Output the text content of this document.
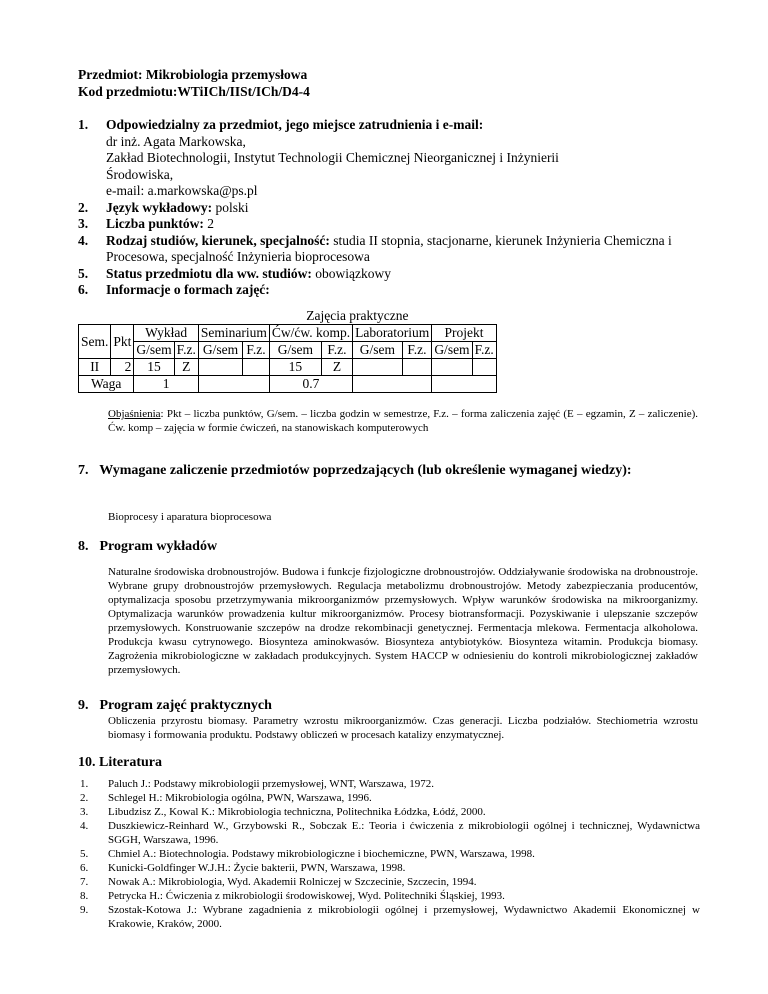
Przedmiot: Mikrobiologia przemysłowa
Kod przedmiotu:WTiICh/IISt/ICh/D4-4
1. Odpowiedzialny za przedmiot, jego miejsce zatrudnienia i e-mail:
dr inż. Agata Markowska,
Zakład Biotechnologii, Instytut Technologii Chemicznej Nieorganicznej i Inżynierii
Środowiska,
e-mail: a.markowska@ps.pl
2. Język wykładowy: polski
3. Liczba punktów: 2
4. Rodzaj studiów, kierunek, specjalność: studia II stopnia, stacjonarne, kierunek Inżynieria Chemiczna i Procesowa, specjalność Inżynieria bioprocesowa
5. Status przedmiotu dla ww. studiów: obowiązkowy
6. Informacje o formach zajęć:
					Zajęcia praktyczne						
Sem.	Pkt	Wykład		Seminarium		Ćw/ćw. komp.		Laboratorium		Projekt	
		G/sem	F.z.	G/sem	F.z.	G/sem	F.z.	G/sem	F.z.	G/sem	F.z.
II	2	15	Z			15	Z				
Waga		1				0.7					
Objaśnienia: Pkt – liczba punktów, G/sem. – liczba godzin w semestrze, F.z. – forma zaliczenia zajęć (E – egzamin, Z – zaliczenie). Ćw. komp – zajęcia w formie ćwiczeń, na stanowiskach komputerowych
7. Wymagane zaliczenie przedmiotów poprzedzających (lub określenie wymaganej wiedzy):
Bioprocesy i aparatura bioprocesowa
8. Program wykładów
Naturalne środowiska drobnoustrojów. Budowa i funkcje fizjologiczne drobnoustrojów. Oddziaływanie środowiska na drobnoustroje. Wybrane grupy drobnoustrojów przemysłowych. Regulacja metabolizmu drobnoustrojów. Metody zabezpieczania producentów, optymalizacja sposobu przetrzymywania mikroorganizmów przemysłowych. Wpływ warunków środowiska na mikroorganizmy. Optymalizacja warunków prowadzenia kultur mikroorganizmów. Procesy biotransformacji. Pozyskiwanie i ulepszanie szczepów przemysłowych. Konstruowanie szczepów na drodze rekombinacji genetycznej. Fermentacja mlekowa. Fermentacja alkoholowa. Produkcja kwasu cytrynowego. Biosynteza aminokwasów. Biosynteza antybiotyków. Biosynteza witamin. Produkcja biomasy. Zagrożenia mikrobiologiczne w zakładach produkcyjnych. System HACCP w odniesieniu do kontroli mikrobiologicznej zakładów przemysłowych.
9. Program zajęć praktycznych
Obliczenia przyrostu biomasy. Parametry wzrostu mikroorganizmów. Czas generacji. Liczba podziałów. Stechiometria wzrostu biomasy i formowania produktu. Podstawy obliczeń w procesach katalizy enzymatycznej.
10. Literatura
1. Paluch J.: Podstawy mikrobiologii przemysłowej, WNT, Warszawa, 1972.
2. Schlegel H.: Mikrobiologia ogólna, PWN, Warszawa, 1996.
3. Libudzisz Z., Kowal K.: Mikrobiologia techniczna, Politechnika Łódzka, Łódź, 2000.
4. Duszkiewicz-Reinhard W., Grzybowski R., Sobczak E.: Teoria i ćwiczenia z mikrobiologii ogólnej i technicznej, Wydawnictwa SGGH, Warszawa, 1996.
5. Chmiel A.: Biotechnologia. Podstawy mikrobiologiczne i biochemiczne, PWN, Warszawa, 1998.
6. Kunicki-Goldfinger W.J.H.: Życie bakterii, PWN, Warszawa, 1998.
7. Nowak A.: Mikrobiologia, Wyd. Akademii Rolniczej w Szczecinie, Szczecin, 1994.
8. Petrycka H.: Ćwiczenia z mikrobiologii środowiskowej, Wyd. Politechniki Śląskiej, 1993.
9. Szostak-Kotowa J.: Wybrane zagadnienia z mikrobiologii ogólnej i przemysłowej, Wydawnictwo Akademii Ekonomicznej w Krakowie, Kraków, 2000.
